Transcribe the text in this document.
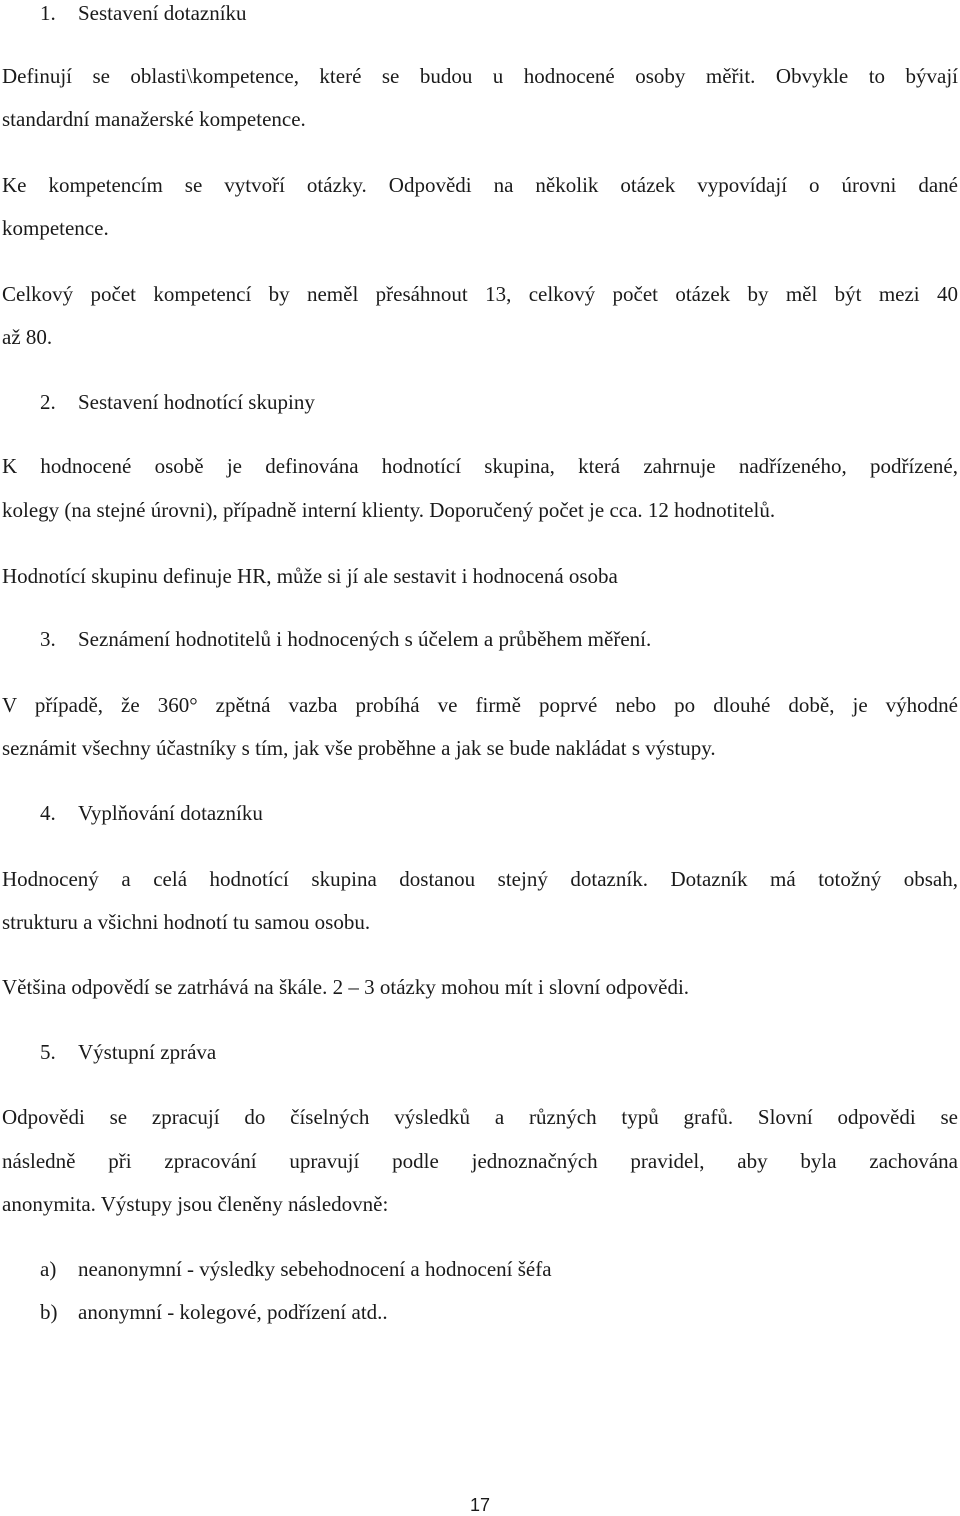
1. Sestavení dotazníku
Definují se oblasti\kompetence, které se budou u hodnocené osoby měřit. Obvykle to bývají
standardní manažerské kompetence.
Ke kompetencím se vytvoří otázky. Odpovědi na několik otázek vypovídají o úrovni dané
kompetence.
Celkový počet kompetencí by neměl přesáhnout 13, celkový počet otázek by měl být mezi 40
až 80.
2. Sestavení hodnotící skupiny
K hodnocené osobě je definována hodnotící skupina, která zahrnuje nadřízeného, podřízené,
kolegy (na stejné úrovni), případně interní klienty. Doporučený počet je cca. 12 hodnotitelů.
Hodnotící skupinu definuje HR, může si jí ale sestavit i hodnocená osoba
3. Seznámení hodnotitelů i hodnocených s účelem a průběhem měření.
V případě, že 360° zpětná vazba probíhá ve firmě poprvé nebo po dlouhé době, je výhodné
seznámit všechny účastníky s tím, jak vše proběhne a jak se bude nakládat s výstupy.
4. Vyplňování dotazníku
Hodnocený a celá hodnotící skupina dostanou stejný dotazník. Dotazník má totožný obsah,
strukturu a všichni hodnotí tu samou osobu.
Většina odpovědí se zatrhává na škále. 2 – 3 otázky mohou mít i slovní odpovědi.
5. Výstupní zpráva
Odpovědi se zpracují do číselných výsledků a různých typů grafů. Slovní odpovědi se
následně při zpracování upravují podle jednoznačných pravidel, aby byla zachována
anonymita. Výstupy jsou členěny následovně:
a) neanonymní - výsledky sebehodnocení a hodnocení šéfa
b) anonymní - kolegové, podřízení atd..
17
